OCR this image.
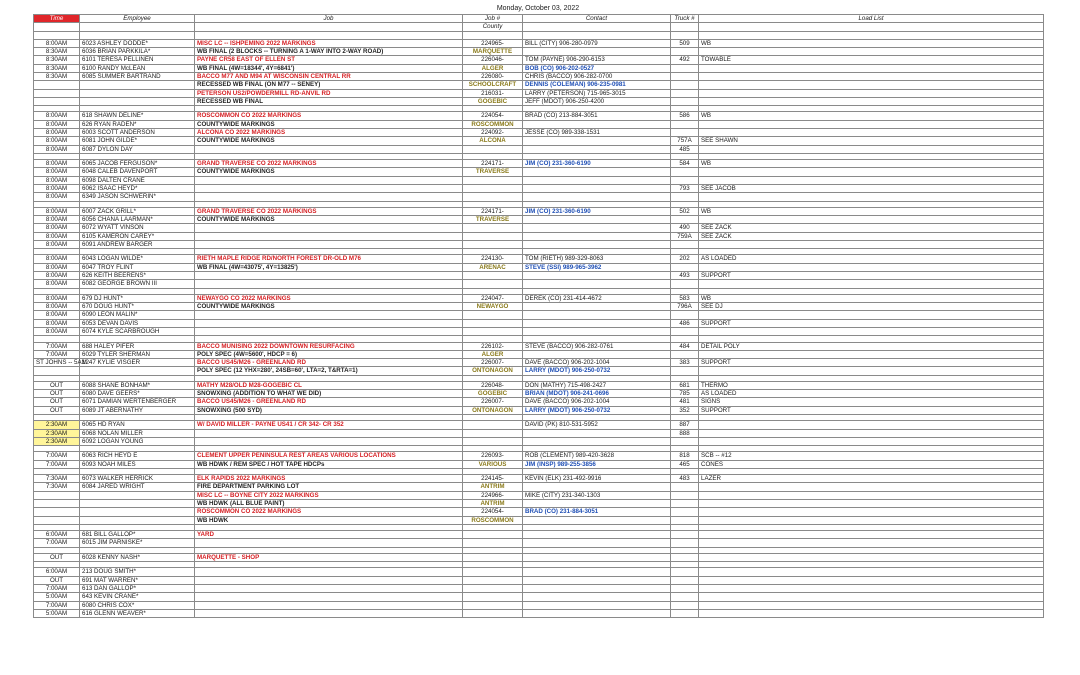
Monday, October 03, 2022
Time	Employee	Job	Job #	Contact	Truck #	Load List
			County			

8:00AM	6023 ASHLEY DODDE*	MISC LC -- ISHPEMING 2022 MARKINGS	224965-	BILL (CITY) 906-280-0979	509	WB
8:30AM	6036 BRIAN PARKKILA*	WB FINAL (2 BLOCKS -- TURNING A 1-WAY INTO 2-WAY ROAD)	MARQUETTE			
8:30AM	6101 TERESA PELLINEN	PAYNE CR58 EAST OF ELLEN ST	226046-	TOM (PAYNE) 906-290-6153	492	TOWABLE
8:30AM	6100 RANDY McLEAN	WB FINAL (4W=18344', 4Y=6841')	ALGER	BOB (CO) 906-202-0527		
8:30AM	6085 SUMMER BARTRAND	BACCO M77 AND M94 AT WISCONSIN CENTRAL RR	226080-	CHRIS (BACCO) 906-282-0700		
		RECESSED WB FINAL (ON M77 -- SENEY)	SCHOOLCRAFT	DENNIS (COLEMAN) 906-235-0981		
		PETERSON US2/POWDERMILL RD-ANVIL RD	216031-	LARRY (PETERSON) 715-965-3015		
		RECESSED WB FINAL	GOGEBIC	JEFF (MDOT) 906-250-4200		

8:00AM	618 SHAWN DELINE*	ROSCOMMON CO 2022 MARKINGS	224054-	BRAD (CO) 213-884-3051	586	WB
8:00AM	626 RYAN RADEN*	COUNTYWIDE MARKINGS	ROSCOMMON			
8:00AM	6003 SCOTT ANDERSON	ALCONA CO 2022 MARKINGS	224092-	JESSE (CO) 989-338-1531		
8:00AM	6081 JOHN GILDE*	COUNTYWIDE MARKINGS	ALCONA		757A	SEE SHAWN
8:00AM	6087 DYLON DAY				485	

8:00AM	6065 JACOB FERGUSON*	GRAND TRAVERSE CO 2022 MARKINGS	224171-	JIM (CO) 231-360-6190	584	WB
8:00AM	6048 CALEB DAVENPORT	COUNTYWIDE MARKINGS	TRAVERSE			
8:00AM	6098 DALTEN CRANE					
8:00AM	6062 ISAAC HEYD*				793	SEE JACOB
8:00AM	6349 JASON SCHWERIN*					

8:00AM	6007 ZACK GRILL*	GRAND TRAVERSE CO 2022 MARKINGS	224171-	JIM (CO) 231-360-6190	502	WB
8:00AM	6056 CHANA LAARMAN*	COUNTYWIDE MARKINGS	TRAVERSE			
8:00AM	6072 WYATT VINSON				490	SEE ZACK
8:00AM	6105 KAMERON CAREY*				759A	SEE ZACK
8:00AM	6091 ANDREW BARGER					

8:00AM	6043 LOGAN WILDE*	RIETH MAPLE RIDGE RD/NORTH FOREST DR-OLD M76	224130-	TOM (RIETH) 989-329-8063	202	AS LOADED
8:00AM	6047 TROY FLINT	WB FINAL (4W=43075', 4Y=13825')	ARENAC	STEVE (SSI) 989-965-3962		
8:00AM	626 KEITH BEERENS*				493	SUPPORT
8:00AM	6082 GEORGE BROWN III					

8:00AM	679 DJ HUNT*	NEWAYGO CO 2022 MARKINGS	224047-	DEREK (CO) 231-414-4672	583	WB
8:00AM	670 DOUG HUNT*	COUNTYWIDE MARKINGS	NEWAYGO		796A	SEE DJ
8:00AM	6090 LEON MALIN*					
8:00AM	6053 DEVAN DAVIS				486	SUPPORT
8:00AM	6074 KYLE SCARBROUGH					

7:00AM	688 HALEY PIFER	BACCO MUNISING 2022 DOWNTOWN RESURFACING	226102-	STEVE (BACCO) 906-282-0761	484	DETAIL POLY
7:00AM	6029 TYLER SHERMAN	POLY SPEC (4W=5600', HDCP = 6)	ALGER			
ST JOHNS -- 5AM	1247 KYLIE VISGER	BACCO US45/M26 - GREENLAND RD	226007-	DAVE (BACCO) 906-202-1004	383	SUPPORT
		POLY SPEC (12 YHX=280', 24SB=60', LTA=2, T&RTA=1)	ONTONAGON	LARRY (MDOT) 906-250-0732		

OUT	6088 SHANE BONHAM*	MATHY M28/OLD M28-GOGEBIC CL	226048-	DON (MATHY) 715-498-2427	681	THERMO
OUT	6080 DAVE GEERS*	SNOWXING (ADDITION TO WHAT WE DID)	GOGEBIC	BRIAN (MDOT) 906-241-0696	785	AS LOADED
OUT	6071 DAMIAN WERTENBERGER	BACCO US45/M26 - GREENLAND RD	226007-	DAVE (BACCO) 906-202-1004	481	SIGNS
OUT	6089 JT ABERNATHY	SNOWXING (500 SYD)	ONTONAGON	LARRY (MDOT) 906-250-0732	352	SUPPORT

2:30AM	6065 HD RYAN	W/ DAVID MILLER - PAYNE US41 / CR 342- CR 352		DAVID (PK) 810-531-5952	887	
2:30AM	6068 NOLAN MILLER				888	
2:30AM	6092 LOGAN YOUNG					

7:00AM	6063 RICH HEYD E	CLEMENT UPPER PENINSULA REST AREAS VARIOUS LOCATIONS	226093-	ROB (CLEMENT) 989-420-3628	818	SCB -- #12
7:00AM	6093 NOAH MILES	WB HDWK / REM SPEC / HOT TAPE HDCPs	VARIOUS	JIM (INSP) 989-255-3856	465	CONES

7:30AM	6073 WALKER HERRICK	ELK RAPIDS 2022 MARKINGS	224145-	KEVIN (ELK) 231-492-9916	483	LAZER
7:30AM	6084 JARED WRIGHT	FIRE DEPARTMENT PARKING LOT	ANTRIM			
		MISC LC -- BOYNE CITY 2022 MARKINGS	224966-	MIKE (CITY) 231-340-1303		
		WB HDWK (ALL BLUE PAINT)	ANTRIM			
		ROSCOMMON CO 2022 MARKINGS	224054-	BRAD (CO) 231-884-3051		
		WB HDWK	ROSCOMMON			

6:00AM	681 BILL GALLOP*	YARD				
7:00AM	6015 JIM PARNISKE*					

OUT	6028 KENNY NASH*	MARQUETTE - SHOP				

6:00AM	213 DOUG SMITH*					
OUT	691 MAT WARREN*					
7:00AM	613 DAN GALLOP*					
5:00AM	643 KEVIN CRANE*					
7:00AM	6080 CHRIS COX*					
5:00AM	616 GLENN WEAVER*					
